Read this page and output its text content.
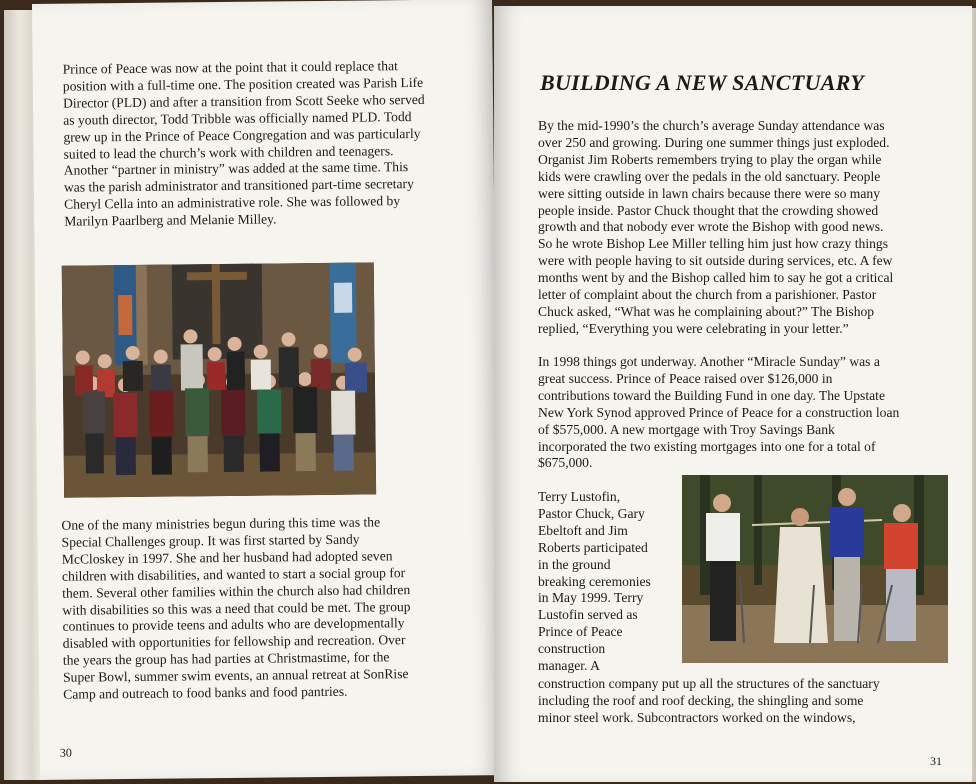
Prince of Peace was now at the point that it could replace that
position with a full-time one. The position created was Parish Life
Director (PLD) and after a transition from Scott Seeke who served
as youth director, Todd Tribble was officially named PLD. Todd
grew up in the Prince of Peace Congregation and was particularly
suited to lead the church’s work with children and teenagers.
Another “partner in ministry” was added at the same time. This
was the parish administrator and transitioned part-time secretary
Cheryl Cella into an administrative role. She was followed by
Marilyn Paarlberg and Melanie Milley.

One of the many ministries begun during this time was the
Special Challenges group. It was first started by Sandy
McCloskey in 1997. She and her husband had adopted seven
children with disabilities, and wanted to start a social group for
them. Several other families within the church also had children
with disabilities so this was a need that could be met. The group
continues to provide teens and adults who are developmentally
disabled with opportunities for fellowship and recreation. Over
the years the group has had parties at Christmastime, for the
Super Bowl, summer swim events, an annual retreat at SonRise
Camp and outreach to food banks and food pantries.

30
BUILDING A NEW SANCTUARY

By the mid-1990’s the church’s average Sunday attendance was
over 250 and growing. During one summer things just exploded.
Organist Jim Roberts remembers trying to play the organ while
kids were crawling over the pedals in the old sanctuary. People
were sitting outside in lawn chairs because there were so many
people inside. Pastor Chuck thought that the crowding showed
growth and that nobody ever wrote the Bishop with good news.
So he wrote Bishop Lee Miller telling him just how crazy things
were with people having to sit outside during services, etc. A few
months went by and the Bishop called him to say he got a critical
letter of complaint about the church from a parishioner. Pastor
Chuck asked, “What was he complaining about?” The Bishop
replied, “Everything you were celebrating in your letter.”

In 1998 things got underway. Another “Miracle Sunday” was a
great success. Prince of Peace raised over $126,000 in
contributions toward the Building Fund in one day. The Upstate
New York Synod approved Prince of Peace for a construction loan
of $575,000. A new mortgage with Troy Savings Bank
incorporated the two existing mortgages into one for a total of
$675,000.

Terry Lustofin,
Pastor Chuck, Gary
Ebeltoft and Jim
Roberts participated
in the ground
breaking ceremonies
in May 1999. Terry
Lustofin served as
Prince of Peace
construction
manager. A

construction company put up all the structures of the sanctuary
including the roof and roof decking, the shingling and some
minor steel work. Subcontractors worked on the windows,

31
